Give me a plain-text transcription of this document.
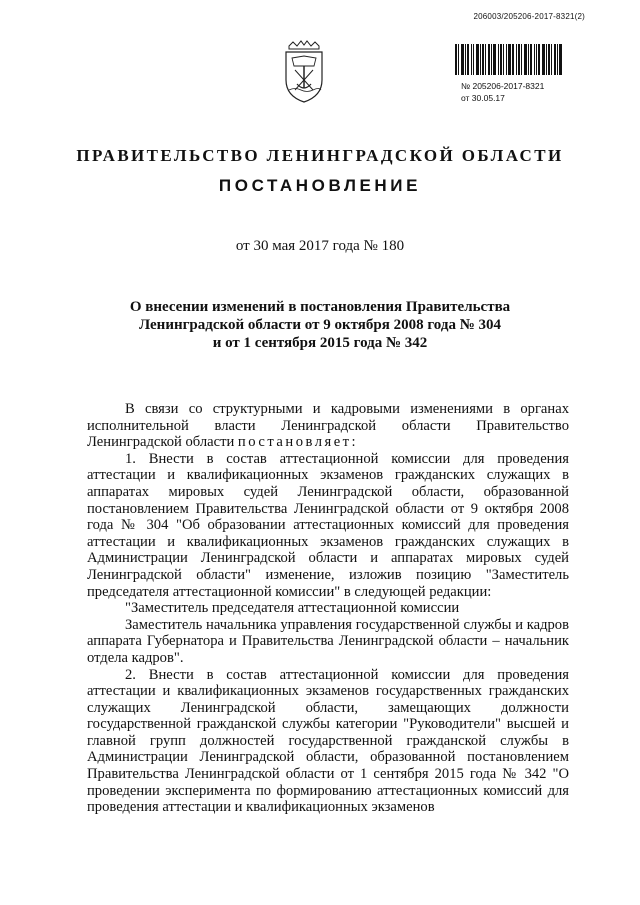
206003/205206-2017-8321(2)
№ 205206-2017-8321
от 30.05.17
ПРАВИТЕЛЬСТВО ЛЕНИНГРАДСКОЙ ОБЛАСТИ
ПОСТАНОВЛЕНИЕ
от 30 мая 2017 года № 180
О внесении изменений в постановления Правительства
Ленинградской области от 9 октября 2008 года № 304
и от 1 сентября 2015 года № 342

В связи со структурными и кадровыми изменениями в органах исполнительной власти Ленинградской области Правительство Ленинградской области постановляет:

1. Внести в состав аттестационной комиссии для проведения аттестации и квалификационных экзаменов гражданских служащих в аппаратах мировых судей Ленинградской области, образованной постановлением Правительства Ленинградской области от 9 октября 2008 года № 304 "Об образовании аттестационных комиссий для проведения аттестации и квалификационных экзаменов гражданских служащих в Администрации Ленинградской области и аппаратах мировых судей Ленинградской области" изменение, изложив позицию "Заместитель председателя аттестационной комиссии" в следующей редакции:

"Заместитель председателя аттестационной комиссии

Заместитель начальника управления государственной службы и кадров аппарата Губернатора и Правительства Ленинградской области – начальник отдела кадров".

2. Внести в состав аттестационной комиссии для проведения аттестации и квалификационных экзаменов государственных гражданских служащих Ленинградской области, замещающих должности государственной гражданской службы категории "Руководители" высшей и главной групп должностей государственной гражданской службы в Администрации Ленинградской области, образованной постановлением Правительства Ленинградской области от 1 сентября 2015 года № 342 "О проведении эксперимента по формированию аттестационных комиссий для проведения аттестации и квалификационных экзаменов
